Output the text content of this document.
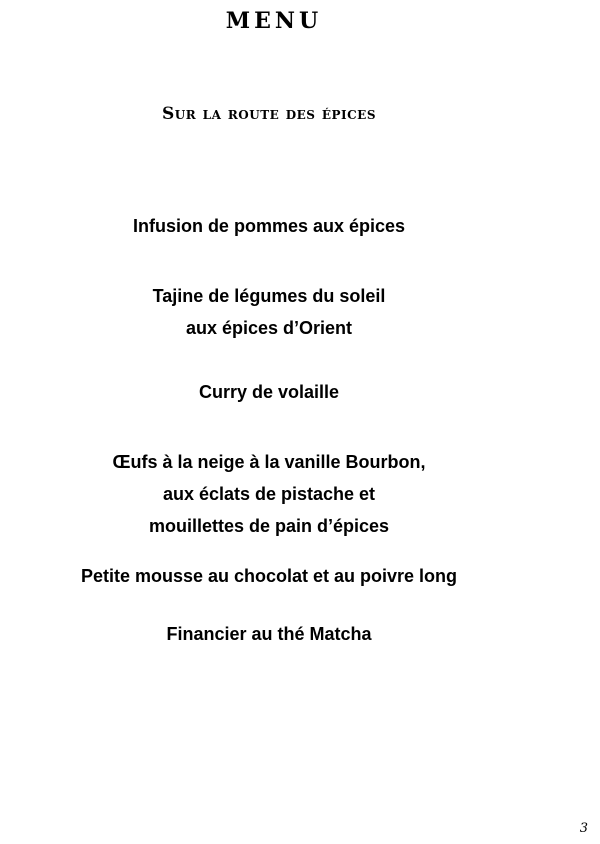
MENU
Sur la route des épices

Infusion de pommes aux épices

Tajine de légumes du soleil
aux épices d’Orient

Curry de volaille

Œufs à la neige à la vanille Bourbon,
aux éclats de pistache et
mouillettes de pain d’épices

Petite mousse au chocolat et au poivre long

Financier au thé Matcha

3
